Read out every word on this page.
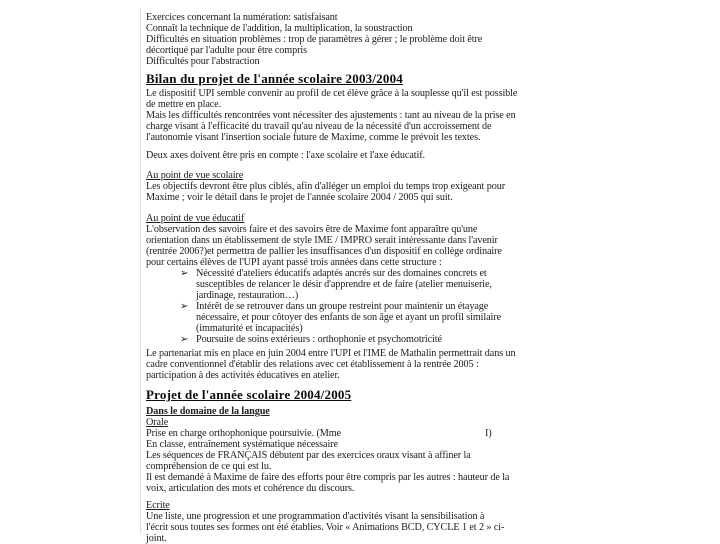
Exercices concernant la numération: satisfaisant
Connaît la technique de l'addition, la multiplication, la soustraction
Difficultés en situation problèmes : trop de paramètres à gérer ; le problème doit être
décortiqué par l'adulte pour être compris
Difficultés pour l'abstraction
Bilan du projet de l'année scolaire 2003/2004
Le dispositif UPI semble convenir au profil de cet élève grâce à la souplesse qu'il est possible
de mettre en place.
Mais les difficultés rencontrées vont nécessiter des ajustements : tant au niveau de la prise en
charge visant à l'efficacité du travail qu'au niveau de la nécessité d'un accroissement de
l'autonomie visant l'insertion sociale future de Maxime, comme le prévoit les textes.
Deux axes doivent être pris en compte : l'axe scolaire et l'axe éducatif.
Au point de vue scolaire
Les objectifs devront être plus ciblés, afin d'alléger un emploi du temps trop exigeant pour
Maxime ; voir le détail dans le projet de l'année scolaire 2004 / 2005 qui suit.
Au point de vue éducatif
L'observation des savoirs faire et des savoirs être de Maxime font apparaître qu'une
orientation dans un établissement de style IME / IMPRO serait intéressante dans l'avenir
(rentrée 2006?)et permettra de pallier les insuffisances d'un dispositif en collège ordinaire
pour certains élèves de l'UPI ayant passé trois années dans cette structure :
➢ Nécessité d'ateliers éducatifs adaptés ancrés sur des domaines concrets et
susceptibles de relancer le désir d'apprendre et de faire (atelier menuiserie,
jardinage, restauration…)
➢ Intérêt de se retrouver dans un groupe restreint pour maintenir un étayage
nécessaire, et pour côtoyer des enfants de son âge et ayant un profil similaire
(immaturité et incapacités)
➢ Poursuite de soins extérieurs : orthophonie et psychomotricité
Le partenariat mis en place en juin 2004 entre l'UPI et l'IME de Mathalin permettrait dans un
cadre conventionnel d'établir des relations avec cet établissement à la rentrée 2005 :
participation à des activités éducatives en atelier.
Projet de l'année scolaire 2004/2005
Dans le domaine de la langue
Orale
Prise en charge orthophonique poursuivie. (Mme	I)
En classe, entraînement systématique nécessaire
Les séquences de FRANÇAIS débutent par des exercices oraux visant à affiner la
compréhension de ce qui est lu.
Il est demandé à Maxime de faire des efforts pour être compris par les autres : hauteur de la
voix, articulation des mots et cohérence du discours.
Ecrite
Une liste, une progression et une programmation d'activités visant la sensibilisation à
l'écrit sous toutes ses formes ont été établies. Voir « Animations BCD, CYCLE 1 et 2 » ci-
joint.
